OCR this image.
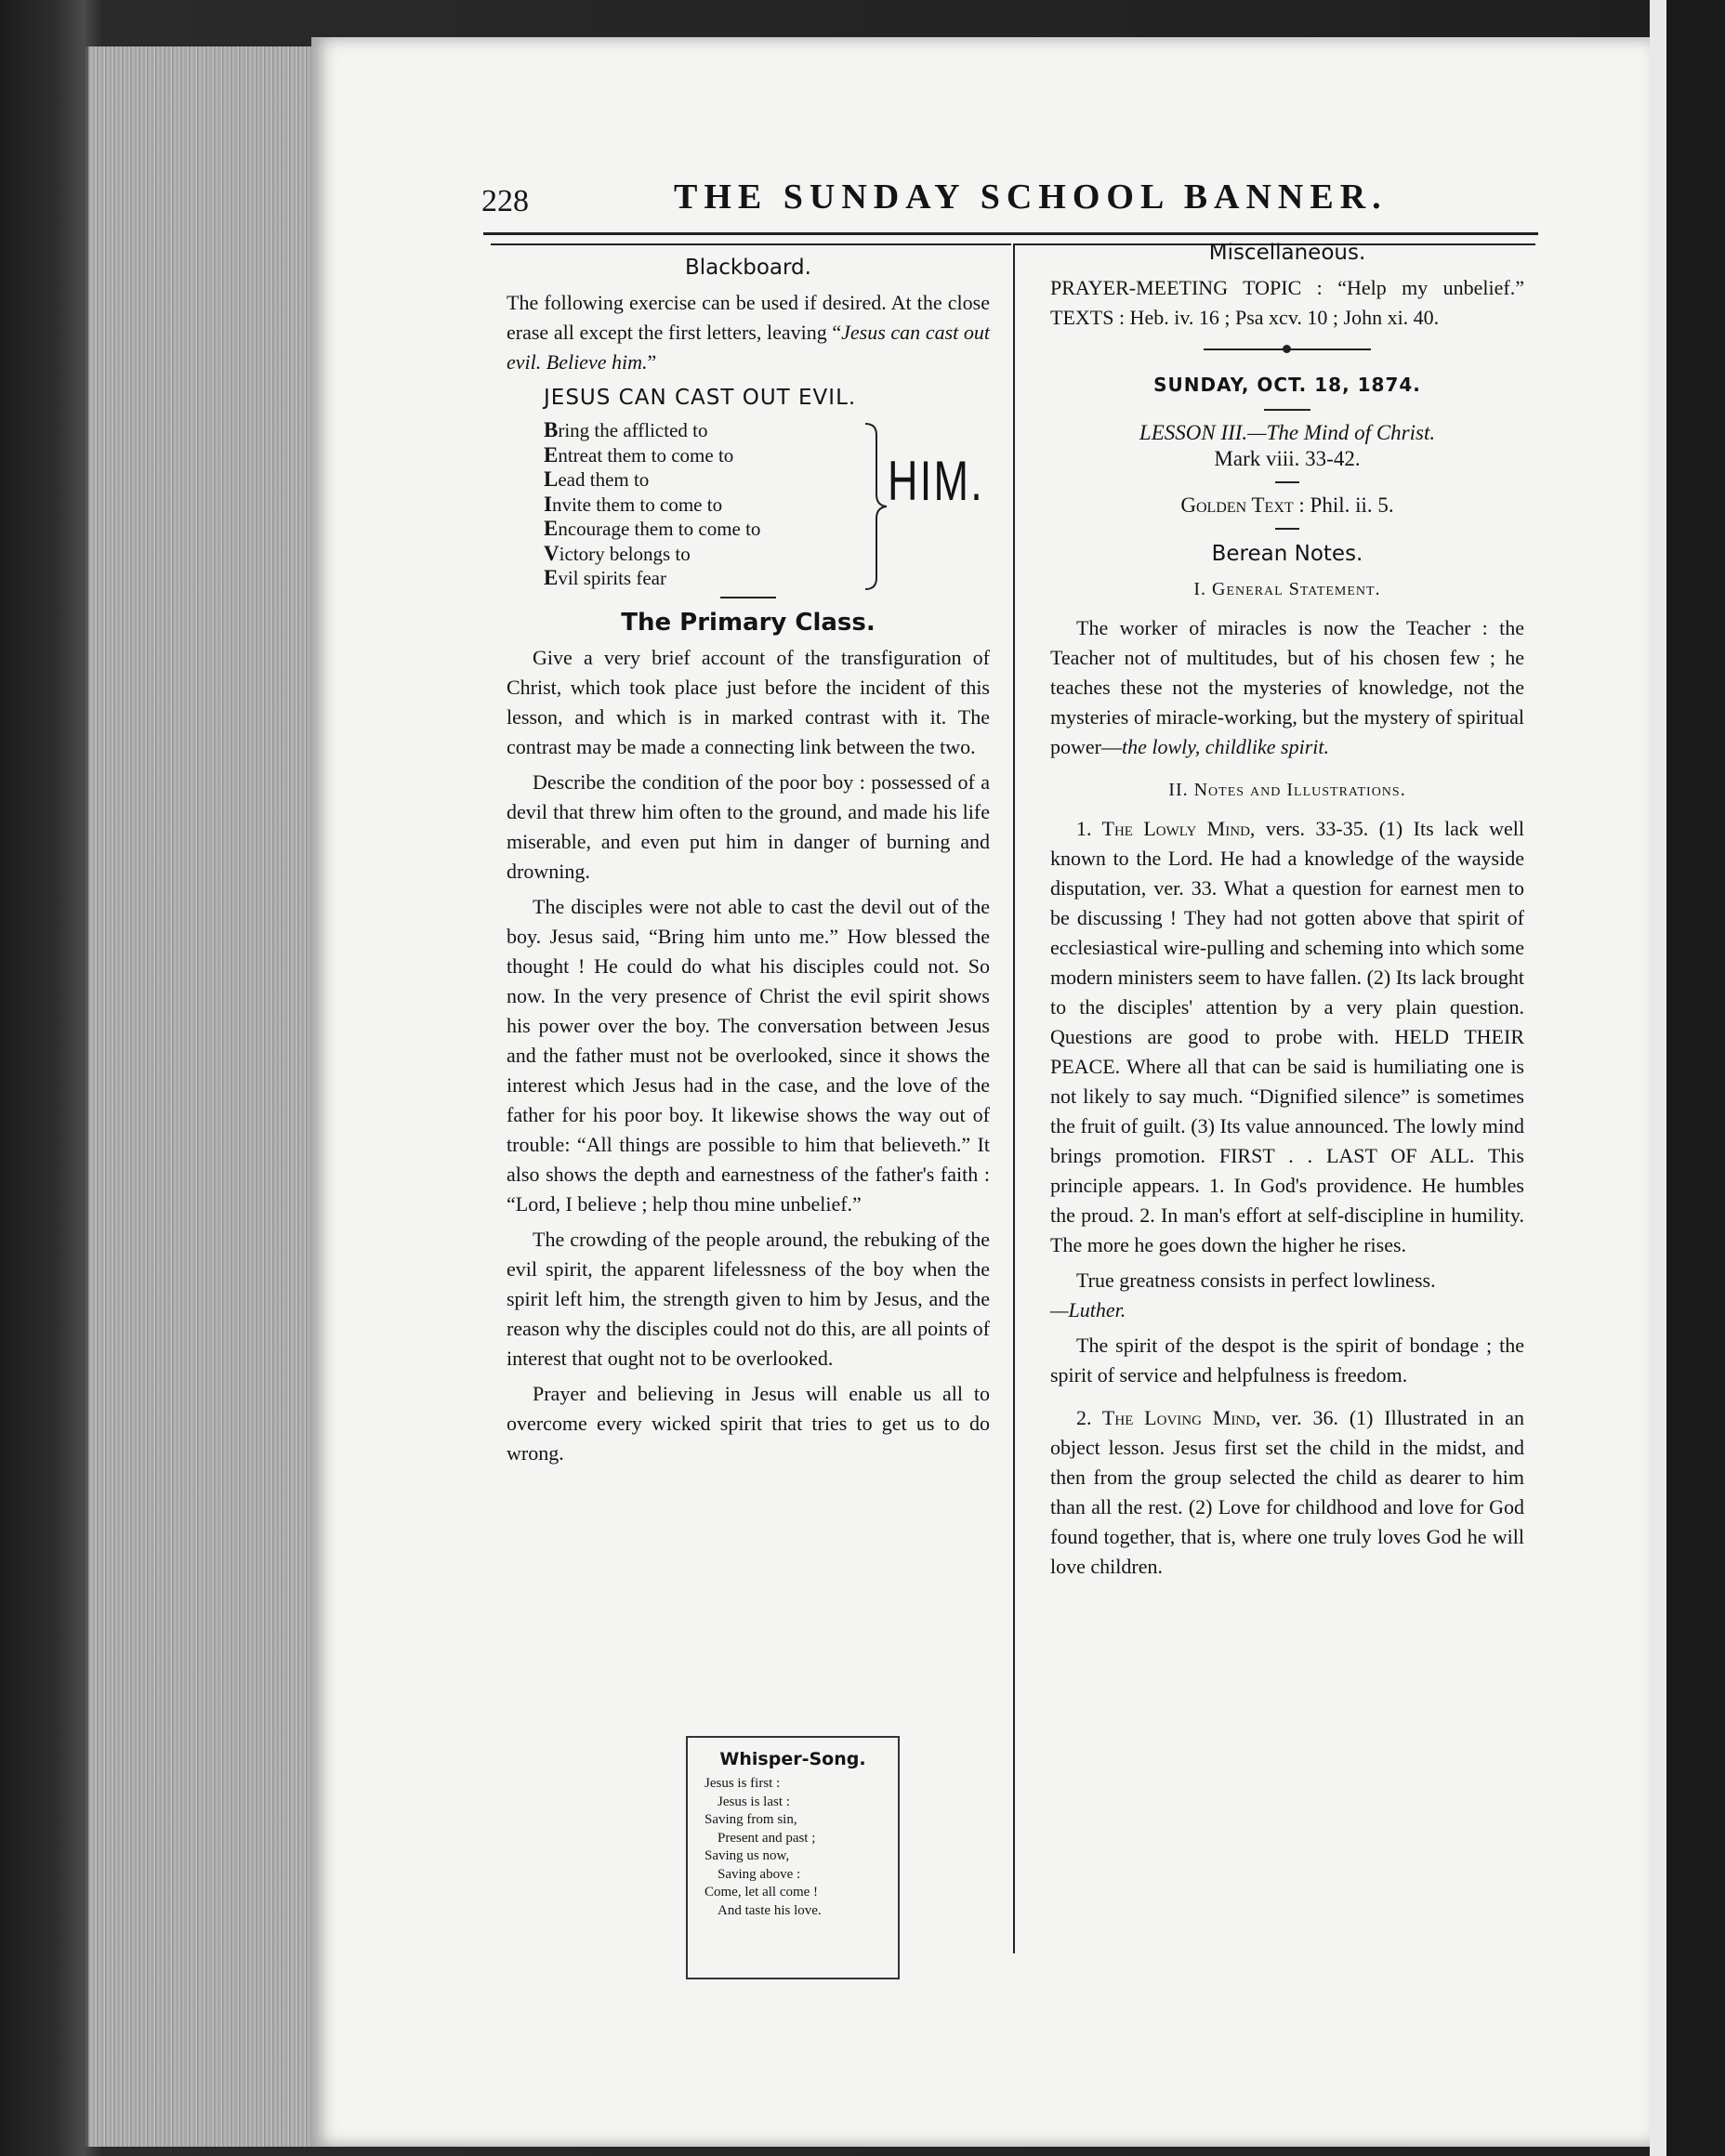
228	THE SUNDAY SCHOOL BANNER.
Blackboard.

The following exercise can be used if desired. At the close erase all except the first letters, leaving “Jesus can cast out evil. Believe him.”

JESUS CAN CAST OUT EVIL.
Bring the afflicted to
Entreat them to come to
Lead them to
Invite them to come to
Encourage them to come to
Victory belongs to
Evil spirits fear
HIM.
The Primary Class.

Give a very brief account of the transfiguration of Christ, which took place just before the incident of this lesson, and which is in marked contrast with it. The contrast may be made a connecting link between the two.

Describe the condition of the poor boy : possessed of a devil that threw him often to the ground, and made his life miserable, and even put him in danger of burning and drowning.

The disciples were not able to cast the devil out of the boy. Jesus said, “Bring him unto me.” How blessed the thought ! He could do what his disciples could not. So now. In the very presence of Christ the evil spirit shows his power over the boy. The conversation between Jesus and the father must not be overlooked, since it shows the interest which Jesus had in the case, and the love of the father for his poor boy. It likewise shows the way out of trouble: “All things are possible to him that believeth.” It also shows the depth and earnestness of the father's faith : “Lord, I believe ; help thou mine unbelief.”

The crowding of the people around, the rebuking of the evil spirit, the apparent lifelessness of the boy when the spirit left him, the strength given to him by Jesus, and the reason why the disciples could not do this, are all points of interest that ought not to be overlooked.

Prayer and believing in Jesus will enable us all to overcome every wicked spirit that tries to get us to do wrong.

Whisper-Song.
Jesus is first :
Jesus is last :
Saving from sin,
Present and past ;
Saving us now,
Saving above :
Come, let all come !
And taste his love.
Miscellaneous.

PRAYER-MEETING TOPIC : “Help my unbelief.” TEXTS : Heb. iv. 16 ; Psa xcv. 10 ; John xi. 40.

SUNDAY, OCT. 18, 1874.
LESSON III.—The Mind of Christ.
Mark viii. 33-42.
Golden Text : Phil. ii. 5.
Berean Notes.
I. General Statement.

The worker of miracles is now the Teacher : the Teacher not of multitudes, but of his chosen few ; he teaches these not the mysteries of knowledge, not the mysteries of miracle-working, but the mystery of spiritual power—the lowly, childlike spirit.

II. Notes and Illustrations.

1. The Lowly Mind, vers. 33-35. (1) Its lack well known to the Lord. He had a knowledge of the wayside disputation, ver. 33. What a question for earnest men to be discussing ! They had not gotten above that spirit of ecclesiastical wire-pulling and scheming into which some modern ministers seem to have fallen. (2) Its lack brought to the disciples' attention by a very plain question. Questions are good to probe with. HELD THEIR PEACE. Where all that can be said is humiliating one is not likely to say much. “Dignified silence” is sometimes the fruit of guilt. (3) Its value announced. The lowly mind brings promotion. FIRST . . LAST OF ALL. This principle appears. 1. In God's providence. He humbles the proud. 2. In man's effort at self-discipline in humility. The more he goes down the higher he rises.

True greatness consists in perfect lowliness.

—Luther.

The spirit of the despot is the spirit of bondage ; the spirit of service and helpfulness is freedom.

2. The Loving Mind, ver. 36. (1) Illustrated in an object lesson. Jesus first set the child in the midst, and then from the group selected the child as dearer to him than all the rest. (2) Love for childhood and love for God found together, that is, where one truly loves God he will love children.
